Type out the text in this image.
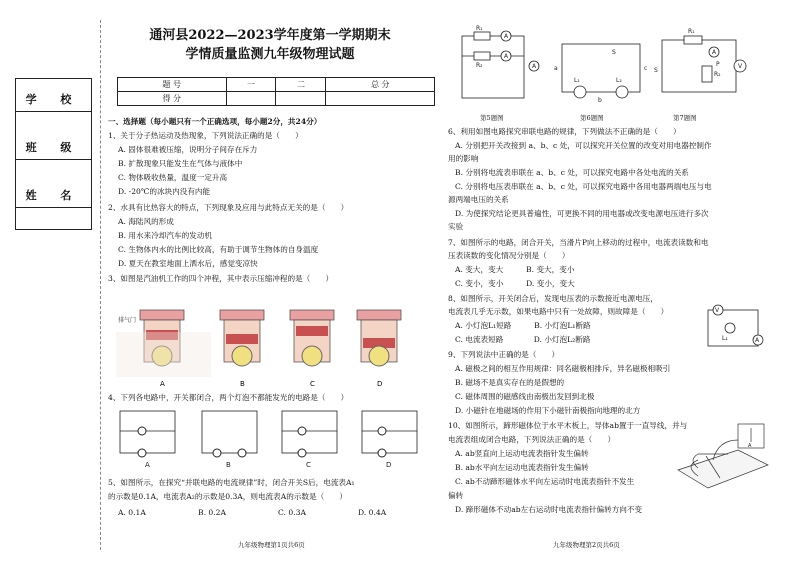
学 校
班 级
姓 名
通河县2022—2023学年度第一学期期末
学情质量监测九年级物理试题
题 号	一	二	总 分
得 分			
一、选择题（每小题只有一个正确选项，每小题2分，共24分）
1、关于分子热运动及热现象，下列说法正确的是（　　）
A. 固体很难被压缩，说明分子间存在斥力
B. 扩散现象只能发生在气体与液体中
C. 物体吸收热量，温度一定升高
D. -20℃的冰块内没有内能
2、水具有比热容大的特点，下列现象及应用与此特点无关的是（　　）
A. 海陆风的形成
B. 用水来冷却汽车的发动机
C. 生物体内水的比例比较高，有助于调节生物体的自身温度
D. 夏天在教室地面上洒水后，感觉变凉快
3、如图是汽油机工作的四个冲程，其中表示压缩冲程的是（　　）
排气门
A	B	C	D
4、下列各电路中，开关都闭合，两个灯泡不都能发光的电路是（　　）
A	B	C	D
5、如图所示，在探究“并联电路的电流规律”时，闭合开关S后，电流表A₁
的示数是0.1A，电流表A₂的示数是0.3A，则电流表A的示数是（　　）
A. 0.1A	B. 0.2A	C. 0.3A	D. 0.4A
九年级物理第1页共6页
R₁
R₂
A
A
A	a
b
c
S
L₁	L₂
R₁
R₂
P	V
A
S
第5题图	第6题图	第7题图
6、利用如图电路探究串联电路的规律，下列做法不正确的是（　　）
A. 分别把开关改接到 a、b、c 处，可以探究开关位置的改变对用电器控制作
用的影响
B. 分别将电流表串联在 a、b、c 处，可以探究电路中各处电流的关系
C. 分别将电压表串联在 a、b、c 处，可以探究电路中各用电器两端电压与电
源两端电压的关系
D. 为使探究结论更具普遍性，可更换不同的用电器或改变电源电压进行多次
实验
7、如图所示的电路，闭合开关，当滑片P向上移动的过程中，电流表读数和电
压表读数的变化情况分别是（　　）
A. 变大，变大　　　B. 变大，变小
C. 变小，变小　　　D. 变小，变大
8、如图所示，开关闭合后，发现电压表的示数接近电源电压，
电流表几乎无示数，如果电路中只有一处故障，则故障是（　　）
A. 小灯泡L₁短路　　　B. 小灯泡L₁断路
C. 电流表短路　　　　D. 小灯泡L₂断路
V
A
L₁
9、下列说法中正确的是（　　）
A. 磁极之间的相互作用规律：同名磁极相排斥，异名磁极相吸引
B. 磁场不是真实存在的是假想的
C. 磁体周围的磁感线由南极出发回到北极
D. 小磁针在地磁场的作用下小磁针南极指向地理的北方
10、如图所示，蹄形磁体位于水平木板上，导体ab置于一直导线，并与
电流表组成闭合电路，下列说法正确的是（　　）
A. ab竖直向上运动电流表指针发生偏转
B. ab水平向左运动电流表指针发生偏转
C. ab不动蹄形磁体水平向左运动时电流表指针不发生
偏转
D. 蹄形磁体不动ab左右运动时电流表指针偏转方向不变
A
九年级物理第2页共6页
